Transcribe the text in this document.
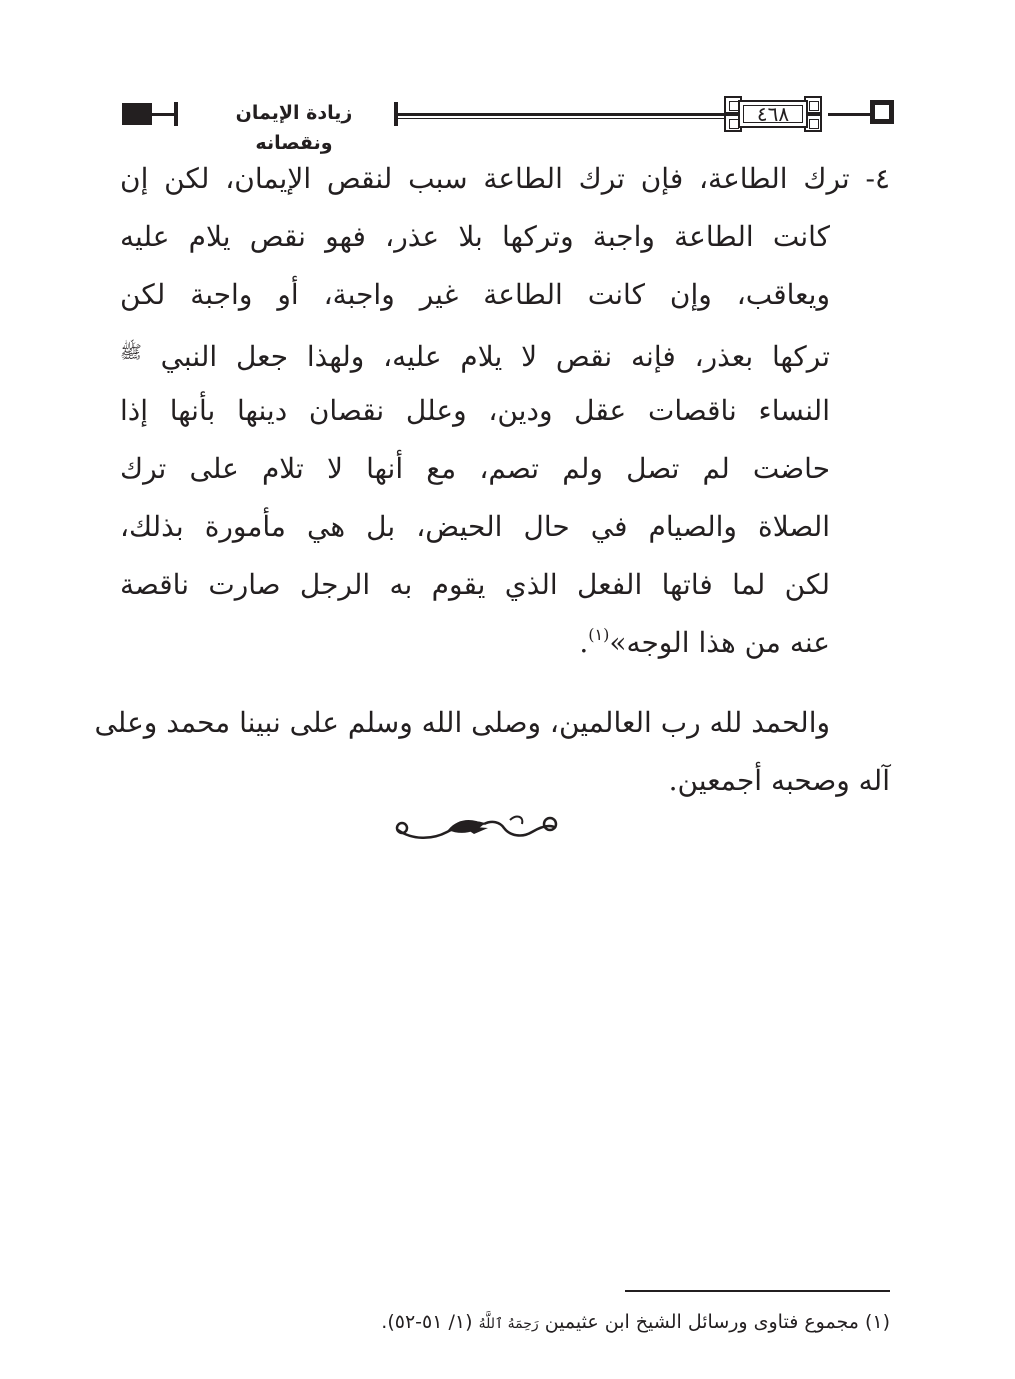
زيادة الإيمان ونقصانه
٤٦٨
٤- ترك الطاعة، فإن ترك الطاعة سبب لنقص الإيمان، لكن إن
كانت الطاعة واجبة وتركها بلا عذر، فهو نقص يلام عليه
ويعاقب، وإن كانت الطاعة غير واجبة، أو واجبة لكن
تركها بعذر، فإنه نقص لا يلام عليه، ولهذا جعل النبي $^ﷺ$
النساء ناقصات عقل ودين، وعلل نقصان دينها بأنها إذا
حاضت لم تصل ولم تصم، مع أنها لا تلام على ترك
الصلاة والصيام في حال الحيض، بل هي مأمورة بذلك،
لكن لما فاتها الفعل الذي يقوم به الرجل صارت ناقصة
عنه من هذا الوجه»$^{(١)}$.
والحمد لله رب العالمين، وصلى الله وسلم على نبينا محمد وعلى
آله وصحبه أجمعين.
(١) مجموع فتاوى ورسائل الشيخ ابن عثيمين رَحِمَهُ ٱللَّهُ (١/ ٥١-٥٢).
